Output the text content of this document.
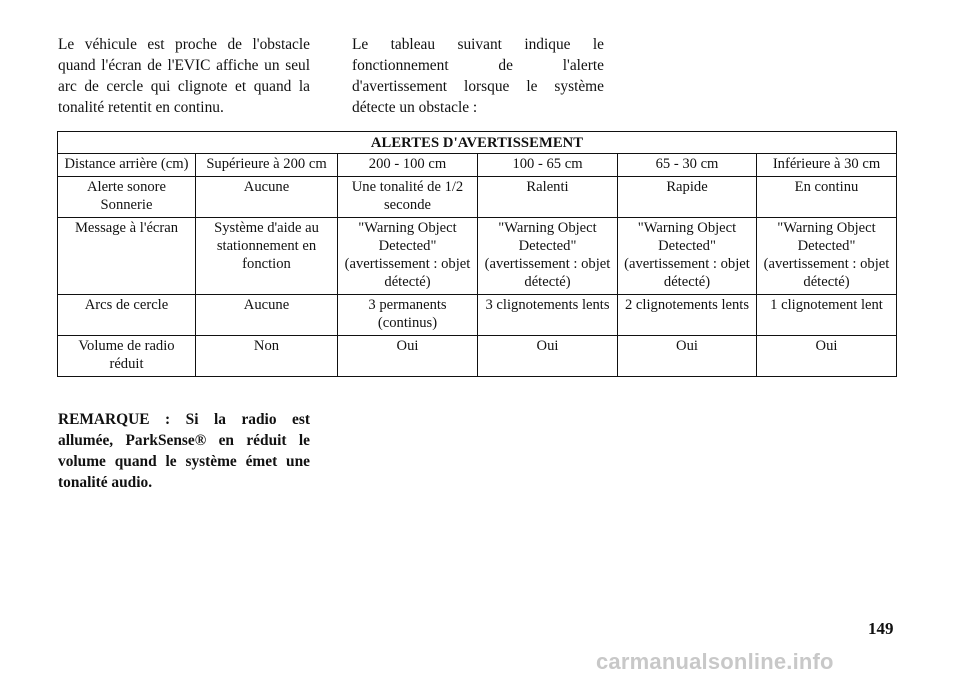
Le véhicule est proche de l'obstacle quand l'écran de l'EVIC affiche un seul arc de cercle qui clignote et quand la tonalité retentit en continu.

Le tableau suivant indique le fonctionnement de l'alerte d'avertissement lorsque le système détecte un obstacle :

ALERTES D'AVERTISSEMENT					
Distance arrière (cm)	Supérieure à 200 cm	200 - 100 cm	100 - 65 cm	65 - 30 cm	Inférieure à 30 cm
Alerte sonore Sonnerie	Aucune	Une tonalité de 1/2 seconde	Ralenti	Rapide	En continu
Message à l'écran	Système d'aide au stationnement en fonction	"Warning Object Detected" (avertissement : objet détecté)	"Warning Object Detected" (avertissement : objet détecté)	"Warning Object Detected" (avertissement : objet détecté)	"Warning Object Detected" (avertissement : objet détecté)
Arcs de cercle	Aucune	3 permanents (continus)	3 clignotements lents	2 clignotements lents	1 clignotement lent
Volume de radio réduit	Non	Oui	Oui	Oui	Oui

REMARQUE : Si la radio est allumée, ParkSense® en réduit le volume quand le système émet une tonalité audio.

149
carmanualsonline.info
